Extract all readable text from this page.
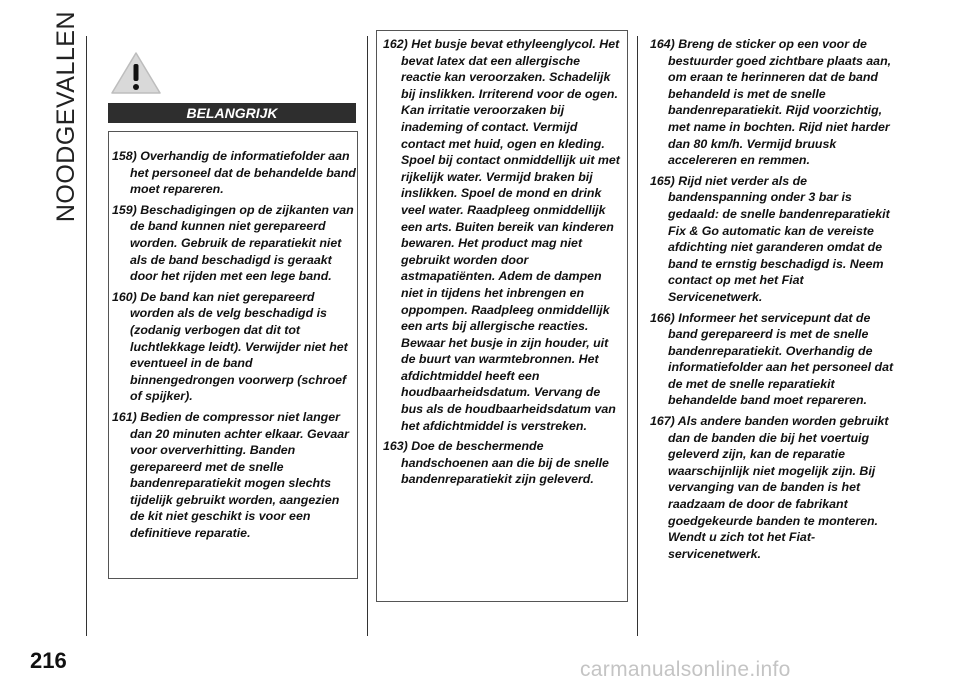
NOODGEVALLEN	BELANGRIJK

158) Overhandig de informatiefolder aan het personeel dat de behandelde band moet repareren.

159) Beschadigingen op de zijkanten van de band kunnen niet gerepareerd worden. Gebruik de reparatiekit niet als de band beschadigd is geraakt door het rijden met een lege band.

160) De band kan niet gerepareerd worden als de velg beschadigd is (zodanig verbogen dat dit tot luchtlekkage leidt). Verwijder niet het eventueel in de band binnengedrongen voorwerp (schroef of spijker).

161) Bedien de compressor niet langer dan 20 minuten achter elkaar. Gevaar voor oververhitting. Banden gerepareerd met de snelle bandenreparatiekit mogen slechts tijdelijk gebruikt worden, aangezien de kit niet geschikt is voor een definitieve reparatie.

162) Het busje bevat ethyleenglycol. Het bevat latex dat een allergische reactie kan veroorzaken. Schadelijk bij inslikken. Irriterend voor de ogen. Kan irritatie veroorzaken bij inademing of contact. Vermijd contact met huid, ogen en kleding. Spoel bij contact onmiddellijk uit met rijkelijk water. Vermijd braken bij inslikken. Spoel de mond en drink veel water. Raadpleeg onmiddellijk een arts. Buiten bereik van kinderen bewaren. Het product mag niet gebruikt worden door astmapatiënten. Adem de dampen niet in tijdens het inbrengen en oppompen. Raadpleeg onmiddellijk een arts bij allergische reacties. Bewaar het busje in zijn houder, uit de buurt van warmtebronnen. Het afdichtmiddel heeft een houdbaarheidsdatum. Vervang de bus als de houdbaarheidsdatum van het afdichtmiddel is verstreken.

163) Doe de beschermende handschoenen aan die bij de snelle bandenreparatiekit zijn geleverd.

164) Breng de sticker op een voor de bestuurder goed zichtbare plaats aan, om eraan te herinneren dat de band behandeld is met de snelle bandenreparatiekit. Rijd voorzichtig, met name in bochten. Rijd niet harder dan 80 km/h. Vermijd bruusk accelereren en remmen.

165) Rijd niet verder als de bandenspanning onder 3 bar is gedaald: de snelle bandenreparatiekit Fix & Go automatic kan de vereiste afdichting niet garanderen omdat de band te ernstig beschadigd is. Neem contact op met het Fiat Servicenetwerk.

166) Informeer het servicepunt dat de band gerepareerd is met de snelle bandenreparatiekit. Overhandig de informatiefolder aan het personeel dat de met de snelle reparatiekit behandelde band moet repareren.

167) Als andere banden worden gebruikt dan de banden die bij het voertuig geleverd zijn, kan de reparatie waarschijnlijk niet mogelijk zijn. Bij vervanging van de banden is het raadzaam de door de fabrikant goedgekeurde banden te monteren. Wendt u zich tot het Fiat-servicenetwerk.

216	carmanualsonline.info
